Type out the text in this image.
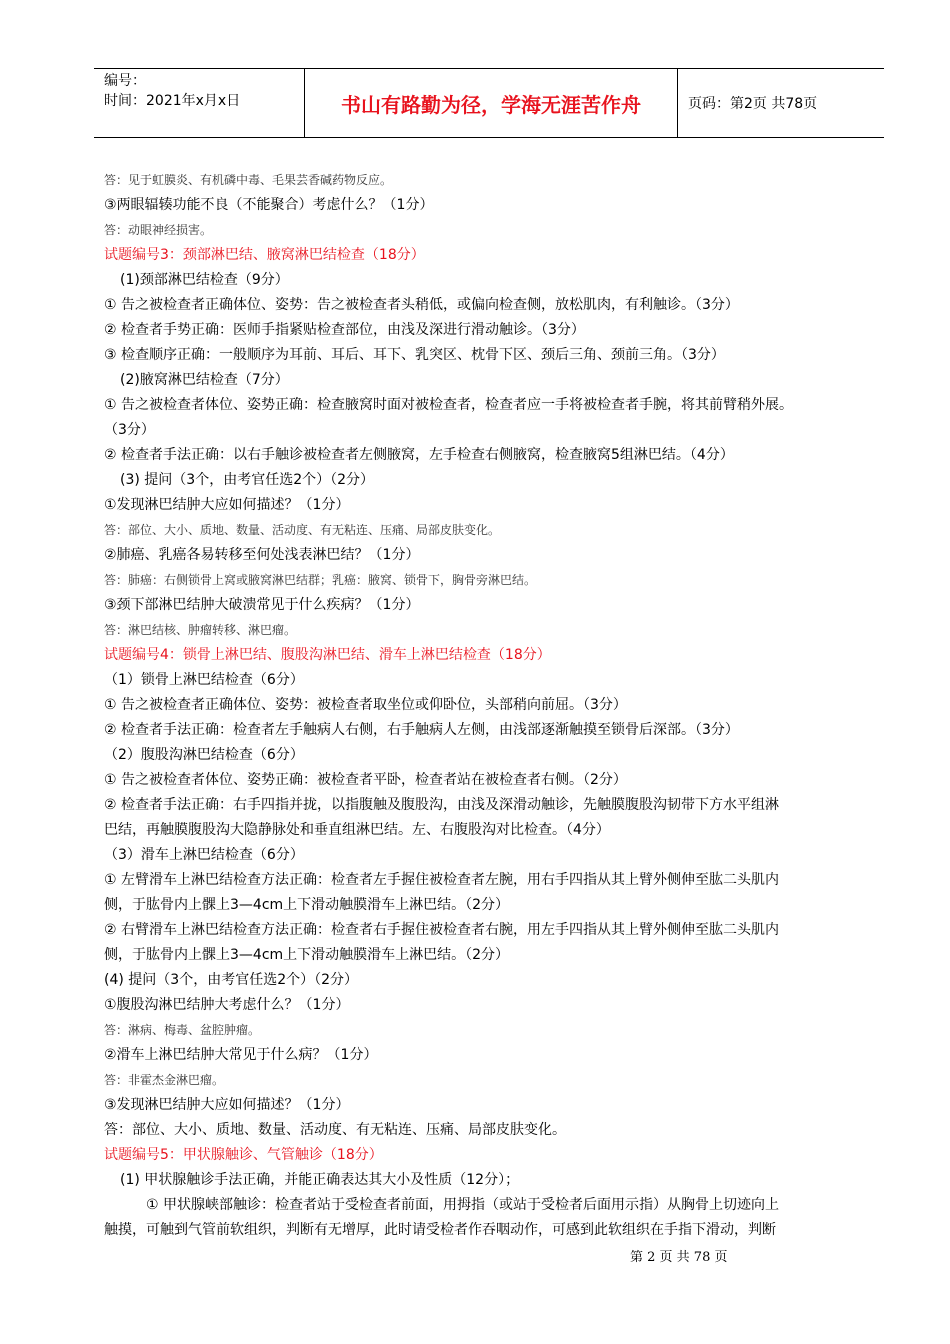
编号：
时间：2021年x月x日	书山有路勤为径，学海无涯苦作舟	页码：第2页 共78页
答：见于虹膜炎、有机磷中毒、毛果芸香碱药物反应。
③两眼辐辏功能不良（不能聚合）考虑什么？（1分）
答：动眼神经损害。
试题编号3：颈部淋巴结、腋窝淋巴结检查（18分）
(1)颈部淋巴结检查（9分）
① 告之被检查者正确体位、姿势：告之被检查者头稍低，或偏向检查侧，放松肌肉，有利触诊。（3分）
② 检查者手势正确：医师手指紧贴检查部位，由浅及深进行滑动触诊。（3分）
③ 检查顺序正确：一般顺序为耳前、耳后、耳下、乳突区、枕骨下区、颈后三角、颈前三角。（3分）
(2)腋窝淋巴结检查（7分）
① 告之被检查者体位、姿势正确：检查腋窝时面对被检查者，检查者应一手将被检查者手腕，将其前臂稍外展。
（3分）
② 检查者手法正确：以右手触诊被检查者左侧腋窝，左手检查右侧腋窝，检查腋窝5组淋巴结。（4分）
(3) 提问（3个，由考官任选2个）（2分）
①发现淋巴结肿大应如何描述？（1分）
答：部位、大小、质地、数量、活动度、有无粘连、压痛、局部皮肤变化。
②肺癌、乳癌各易转移至何处浅表淋巴结？（1分）
答：肺癌：右侧锁骨上窝或腋窝淋巴结群；乳癌：腋窝、锁骨下，胸骨旁淋巴结。
③颈下部淋巴结肿大破溃常见于什么疾病？（1分）
答：淋巴结核、肿瘤转移、淋巴瘤。
试题编号4：锁骨上淋巴结、腹股沟淋巴结、滑车上淋巴结检查（18分）
（1）锁骨上淋巴结检查（6分）
① 告之被检查者正确体位、姿势：被检查者取坐位或仰卧位，头部稍向前屈。（3分）
② 检查者手法正确：检查者左手触病人右侧，右手触病人左侧，由浅部逐渐触摸至锁骨后深部。（3分）
（2）腹股沟淋巴结检查（6分）
① 告之被检查者体位、姿势正确：被检查者平卧，检查者站在被检查者右侧。（2分）
② 检查者手法正确：右手四指并拢，以指腹触及腹股沟，由浅及深滑动触诊，先触膜腹股沟韧带下方水平组淋
巴结，再触膜腹股沟大隐静脉处和垂直组淋巴结。左、右腹股沟对比检查。（4分）
（3）滑车上淋巴结检查（6分）
① 左臂滑车上淋巴结检查方法正确：检查者左手握住被检查者左腕，用右手四指从其上臂外侧伸至肱二头肌内
侧，于肱骨内上髁上3—4cm上下滑动触膜滑车上淋巴结。（2分）
② 右臂滑车上淋巴结检查方法正确：检查者右手握住被检查者右腕，用左手四指从其上臂外侧伸至肱二头肌内
侧，于肱骨内上髁上3—4cm上下滑动触膜滑车上淋巴结。（2分）
(4) 提问（3个，由考官任选2个）（2分）
①腹股沟淋巴结肿大考虑什么？（1分）
答：淋病、梅毒、盆腔肿瘤。
②滑车上淋巴结肿大常见于什么病？（1分）
答：非霍杰金淋巴瘤。
③发现淋巴结肿大应如何描述？（1分）
答：部位、大小、质地、数量、活动度、有无粘连、压痛、局部皮肤变化。
试题编号5：甲状腺触诊、气管触诊（18分）
(1) 甲状腺触诊手法正确，并能正确表达其大小及性质（12分）；
① 甲状腺峡部触诊：检查者站于受检查者前面，用拇指（或站于受检者后面用示指）从胸骨上切迹向上
触摸，可触到气管前软组织，判断有无增厚，此时请受检者作吞咽动作，可感到此软组织在手指下滑动，判断
第 2 页 共 78 页
